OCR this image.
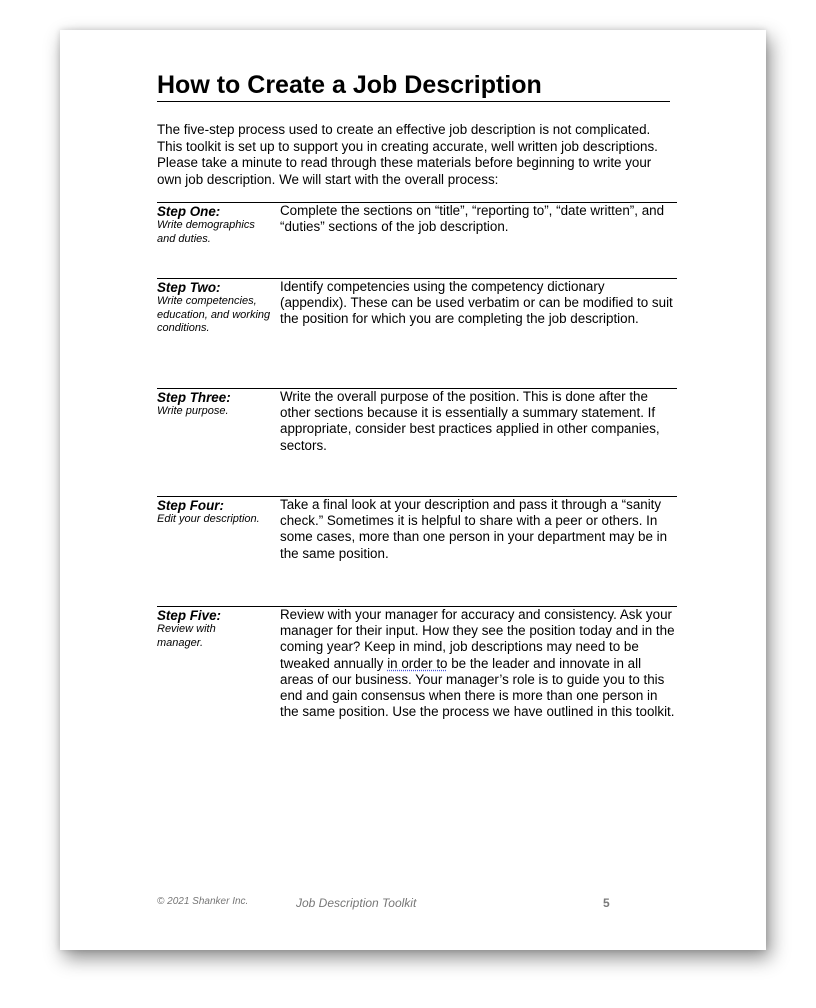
How to Create a Job Description
The five-step process used to create an effective job description is not complicated. This toolkit is set up to support you in creating accurate, well written job descriptions. Please take a minute to read through these materials before beginning to write your own job description. We will start with the overall process:
Step One:
Write demographics and duties.
Complete the sections on “title”, “reporting to”, “date written”, and “duties” sections of the job description.
Step Two:
Write competencies, education, and working conditions.
Identify competencies using the competency dictionary (appendix). These can be used verbatim or can be modified to suit the position for which you are completing the job description.
Step Three:
Write purpose.
Write the overall purpose of the position. This is done after the other sections because it is essentially a summary statement. If appropriate, consider best practices applied in other companies, sectors.
Step Four:
Edit your description.
Take a final look at your description and pass it through a “sanity check.” Sometimes it is helpful to share with a peer or others. In some cases, more than one person in your department may be in the same position.
Step Five:
Review with manager.
Review with your manager for accuracy and consistency. Ask your manager for their input. How they see the position today and in the coming year? Keep in mind, job descriptions may need to be tweaked annually in order to be the leader and innovate in all areas of our business. Your manager’s role is to guide you to this end and gain consensus when there is more than one person in the same position. Use the process we have outlined in this toolkit.
© 2021 Shanker Inc.	Job Description Toolkit	5
